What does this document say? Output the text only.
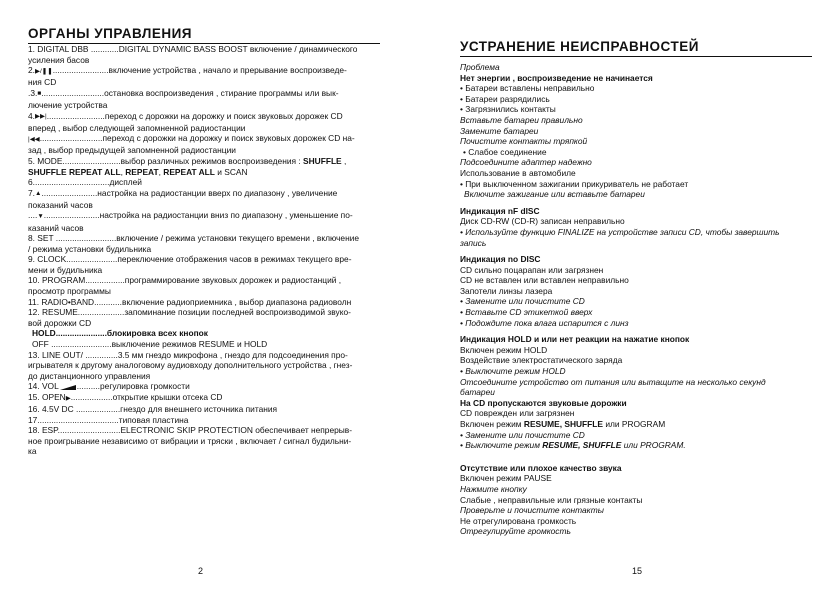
ОРГАНЫ УПРАВЛЕНИЯ
1. DIGITAL DBB ............DIGITAL DYNAMIC BASS BOOST включение / динамического
усиления басов
2.▶/❚❚........................включение устройства , начало и прерывание воспроизведе-
ния CD
.3.■...........................остановка воспроизведения , стирание программы или вык-
лючение устройства
4.▶▶|.........................переход с дорожки на дорожку и поиск звуковых дорожек CD
вперед , выбор следующей запомненной радиостанции
|◀◀...........................переход с дорожки на дорожку и поиск звуковых дорожек CD на-
зад , выбор предыдущей запомненной радиостанции
5. MODE.........................выбор различных режимов воспроизведения : SHUFFLE ,
SHUFFLE REPEAT ALL, REPEAT, REPEAT ALL и SCAN
6.................................дисплей
7.▲........................настройка на радиостанции вверх по диапазону , увеличение
показаний часов
....▼........................настройка на радиостанции вниз по диапазону , уменьшение по-
казаний часов
8. SET ..........................включение / режима установки текущего времени , включение
/ режима установки будильника
9. CLOCK......................переключение отображения часов в режимах текущего вре-
мени и будильника
10. PROGRAM.................программирование звуковых дорожек и радиостанций ,
просмотр программы
11. RADIO•BAND............включение радиоприемника , выбор диапазона радиоволн
12. RESUME....................запоминание позиции последней воспроизводимой звуко-
вой дорожки CD
HOLD......................блокировка всех кнопок
OFF ..........................выключение режимов RESUME и HOLD
13. LINE OUT/ ..............3.5 мм гнездо микрофона , гнездо для подсоединения про-
игрывателя к другому аналоговому аудиовходу дополнительного устройства , гнез-
до дистанционного управления
14. VOL ..........регулировка громкости
15. OPEN▶..................открытие крышки отсека CD
16. 4.5V DC ...................гнездо для внешнего источника питания
17...................................типовая пластина
18. ESP...........................ELECTRONIC SKIP PROTECTION обеспечивает непрерыв-
ное проигрывание независимо от вибрации и тряски , включает / сигнал будильни-
ка
2
УСТРАНЕНИЕ НЕИСПРАВНОСТЕЙ
Проблема
Нет энергии , воспроизведение не начинается
• Батареи вставлены неправильно
• Батареи разрядились
• Загрязнились контакты
Вставьте батареи правильно
Замените батареи
Почистите контакты тряпкой
• Слабое соединение
Подсоедините адаптер надежно
Использование в автомобиле
• При выключенном зажигании прикуриватель не работает
Включите зажигание или вставьте батареи
Индикация nF dISC
Диск CD-RW (CD-R) записан неправильно
• Используйте функцию FINALIZE на устройстве записи CD, чтобы завершить
запись
Индикация no DISC
CD сильно поцарапан или загрязнен
CD не вставлен или вставлен неправильно
Запотели линзы лазера
• Замените или почистите CD
• Вставьте CD этикеткой вверх
• Подождите пока влага испарится с линз
Индикация HOLD и или нет реакции на нажатие кнопок
Включен режим HOLD
Воздействие электростатического заряда
• Выключите режим HOLD
Отсоедините устройство от питания или вытащите на несколько секунд
батареи
На CD пропускаются звуковые дорожки
CD поврежден или загрязнен
Включен режим RESUME, SHUFFLE или PROGRAM
• Замените или почистите CD
• Выключите режим RESUME, SHUFFLE или PROGRAM.
Отсутствие или плохое качество звука
Включен режим PAUSE
Нажмите кнопку
Слабые , неправильные или грязные контакты
Проверьте и почистите контакты
Не отрегулирована громкость
Отрегулируйте громкость
15
